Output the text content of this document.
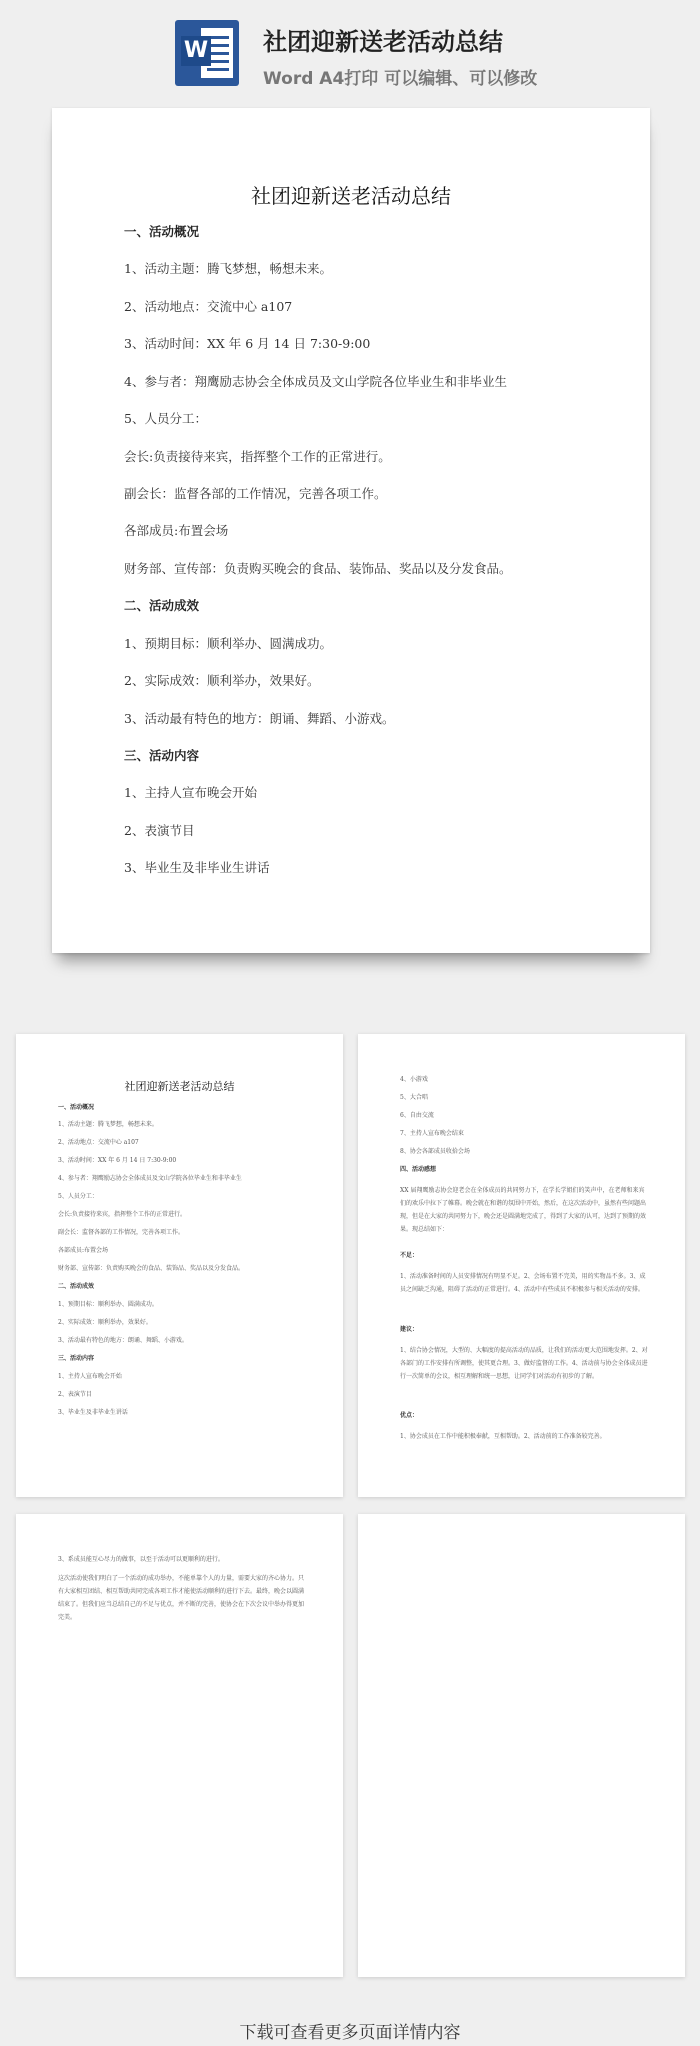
W 社团迎新送老活动总结
Word A4打印 可以编辑、可以修改
社团迎新送老活动总结
一、活动概况
1、活动主题：腾飞梦想，畅想未来。
2、活动地点：交流中心 a107
3、活动时间：XX 年 6 月 14 日 7:30-9:00
4、参与者：翔鹰励志协会全体成员及文山学院各位毕业生和非毕业生
5、人员分工：
会长:负责接待来宾，指挥整个工作的正常进行。
副会长：监督各部的工作情况，完善各项工作。
各部成员:布置会场
财务部、宣传部：负责购买晚会的食品、装饰品、奖品以及分发食品。
二、活动成效
1、预期目标：顺利举办、圆满成功。
2、实际成效：顺利举办，效果好。
3、活动最有特色的地方：朗诵、舞蹈、小游戏。
三、活动内容
1、主持人宣布晚会开始
2、表演节目
3、毕业生及非毕业生讲话
社团迎新送老活动总结
一、活动概况
1、活动主题：腾飞梦想，畅想未来。
2、活动地点：交流中心 a107
3、活动时间：XX 年 6 月 14 日 7:30-9:00
4、参与者：翔鹰励志协会全体成员及文山学院各位毕业生和非毕业生
5、人员分工：
会长:负责接待来宾，指挥整个工作的正常进行。
副会长：监督各部的工作情况，完善各项工作。
各部成员:布置会场
财务部、宣传部：负责购买晚会的食品、装饰品、奖品以及分发食品。
二、活动成效
1、预期目标：顺利举办、圆满成功。
2、实际成效：顺利举办，效果好。
3、活动最有特色的地方：朗诵、舞蹈、小游戏。
三、活动内容
1、主持人宣布晚会开始
2、表演节目
3、毕业生及非毕业生讲话
4、小游戏
5、大合唱
6、自由交流
7、主持人宣布晚会结束
8、协会各部成员收拾会场
四、活动感想
XX 届翔鹰励志协会迎老会在全体成员的共同努力下，在学长学姐们的笑声中，在老师和来宾们的欢乐中拉下了帷幕。晚会就在和谐的氛围中开始，然后，在这次活动中，虽然有些问题出现，但是在大家的共同努力下，晚会还是圆满地完成了，得到了大家的认可，达到了预期的效果。现总结如下：
不足：
1、活动准备时间的人员安排情况有明显不足。2、会场布置不完美，用的实物品不多。3、成员之间缺乏沟通，阻碍了活动的正常进行。4、活动中有些成员不积极参与相关活动的安排。
建议：
1、结合协会情况，大型的、大幅度的提高活动的品质，让我们的活动更大范围地发挥。2、对各部门的工作安排有所调整，使其更合理。3、做好监督的工作。4、活动前与协会全体成员进行一次简单的会议，相互理解和统一思想，让同学们对活动有初步的了解。
优点：
1、协会成员在工作中能积极奉献，互相帮助。2、活动前的工作准备较完善。
3、系成员能互心尽力的做事，以至于活动可以更顺利的进行。
这次活动使我们明白了一个活动的成功举办，不能单靠个人的力量，需要大家的齐心协力。只有大家相互团结、相互帮助共同完成各项工作才能使活动顺利的进行下去。最终，晚会以圆满结束了。但我们应当总结自己的不足与优点，并不断的完善，使协会在下次会议中举办得更加完美。
下载可查看更多页面详情内容
